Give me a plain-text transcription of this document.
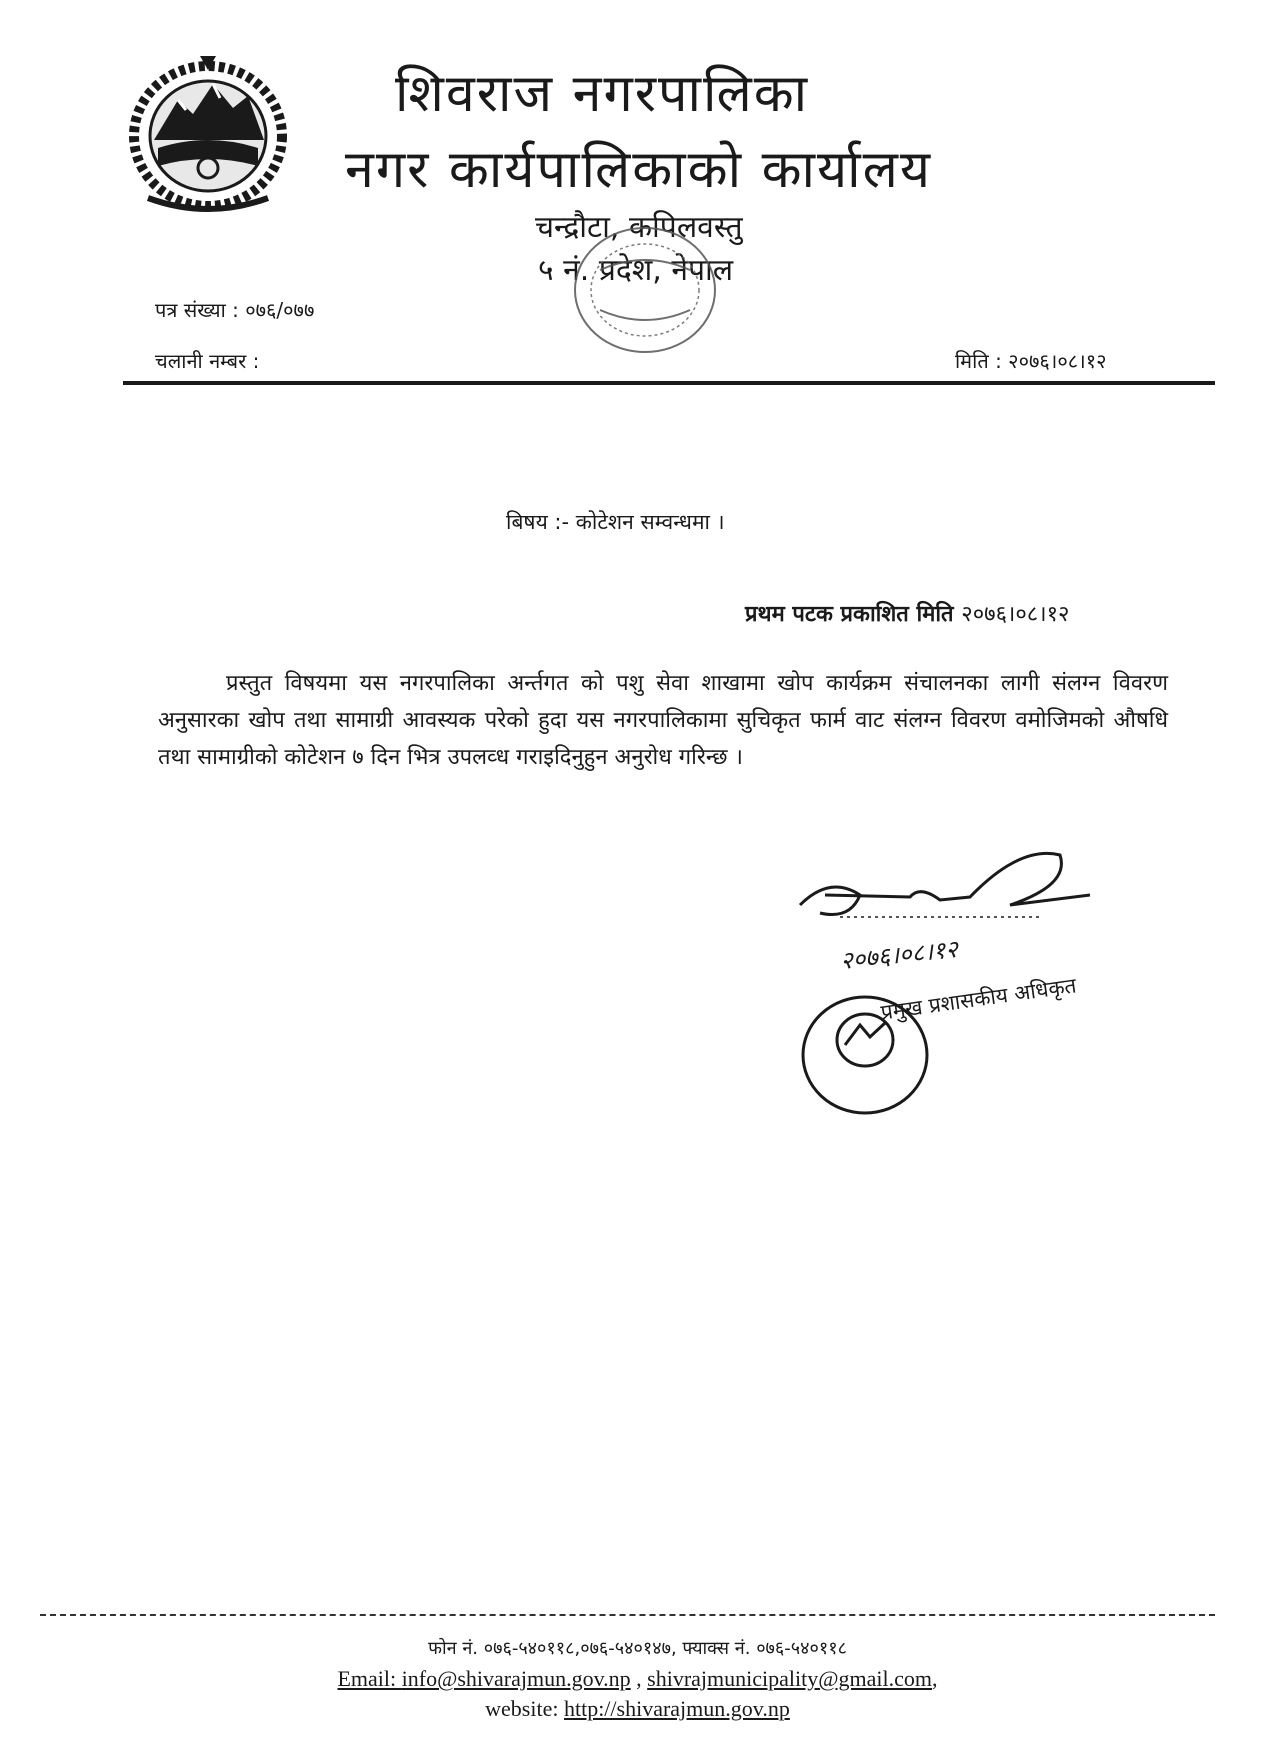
शिवराज नगरपालिका
नगर कार्यपालिकाको कार्यालय
चन्द्रौटा, कपिलवस्तु
५ नं. प्रदेश, नेपाल
पत्र संख्या : ०७६/०७७
चलानी नम्बर :	मिति : २०७६।०८।१२
बिषय :- कोटेशन सम्वन्धमा ।
प्रथम पटक प्रकाशित मिति २०७६।०८।१२
प्रस्तुत विषयमा यस नगरपालिका अर्न्तगत को पशु सेवा शाखामा खोप कार्यक्रम संचालनका लागी संलग्न विवरण अनुसारका खोप तथा सामाग्री आवस्यक परेको हुदा यस नगरपालिकामा सुचिकृत फार्म वाट संलग्न विवरण वमोजिमको औषधि तथा सामाग्रीको कोटेशन ७ दिन भित्र उपलव्ध गराइदिनुहुन अनुरोध गरिन्छ ।
२०७६।०८।१२
प्रमुख प्रशासकीय अधिकृत
फोन नं. ०७६-५४०११८,०७६-५४०१४७, फ्याक्स नं. ०७६-५४०११८
Email: info@shivarajmun.gov.np , shivrajmunicipality@gmail.com,
website: http://shivarajmun.gov.np
